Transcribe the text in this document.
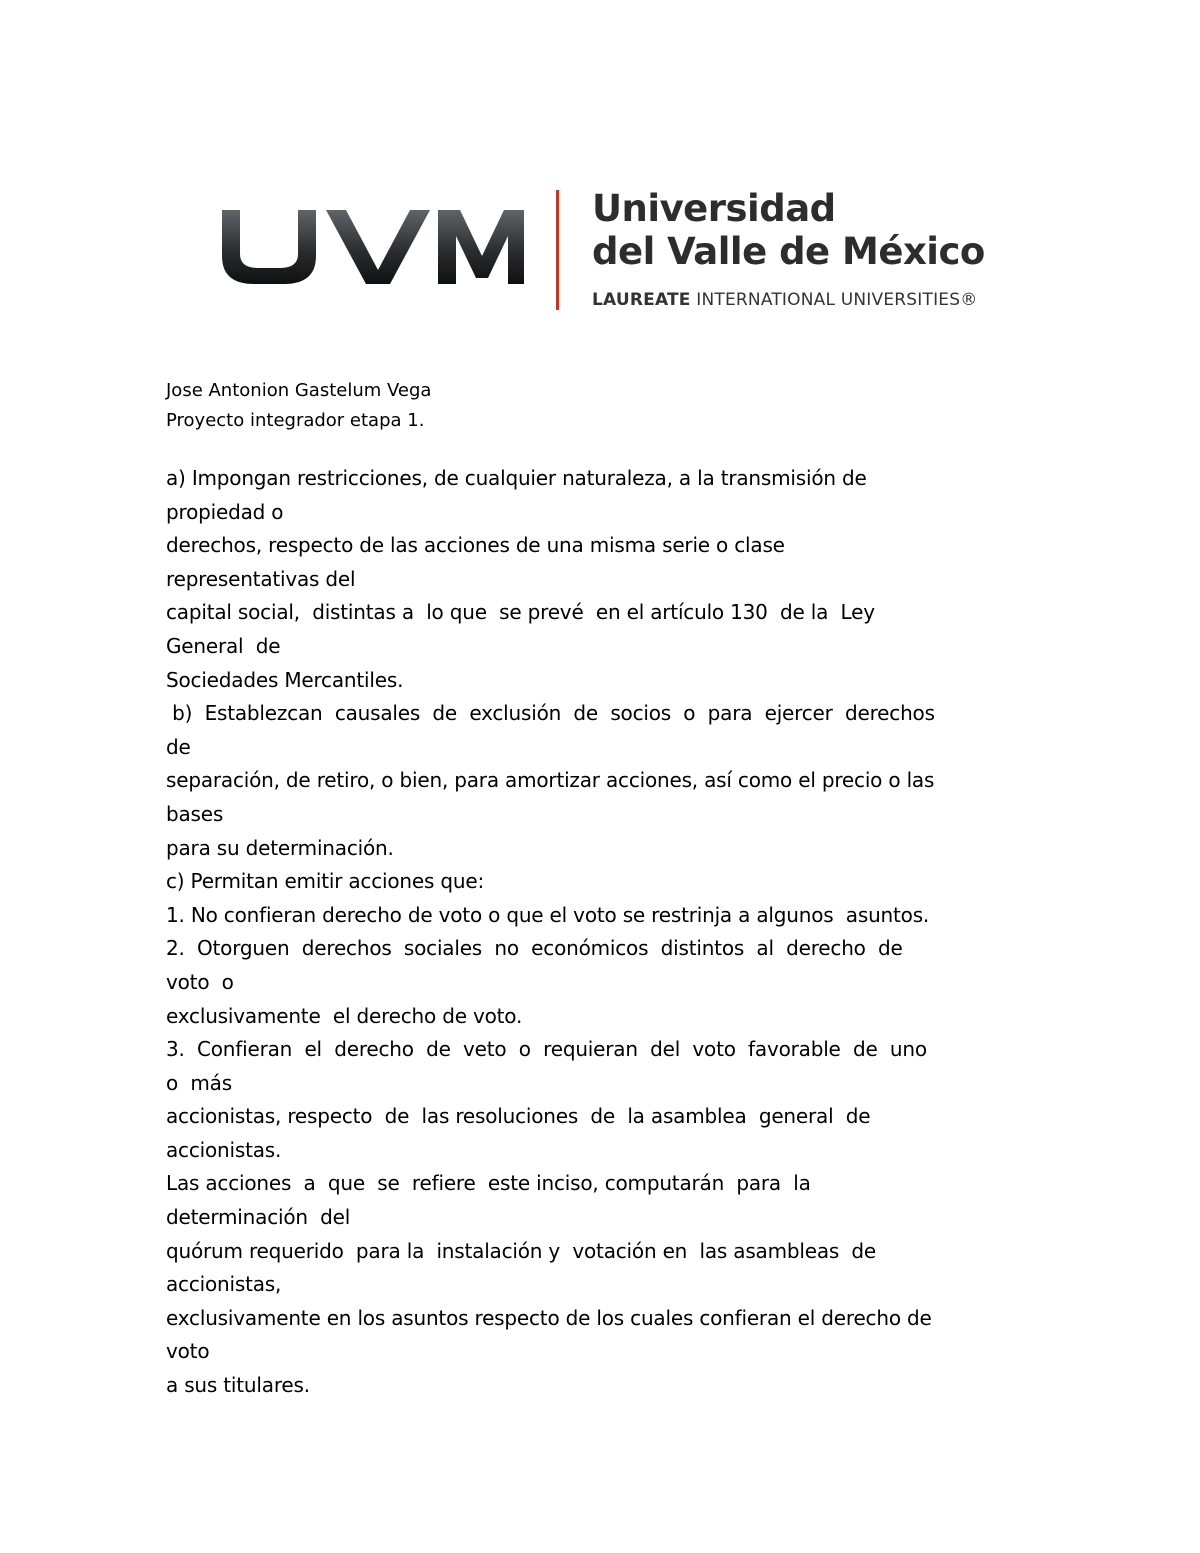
Universidad
del Valle de México
LAUREATE INTERNATIONAL UNIVERSITIES®
Jose Antonion Gastelum Vega
Proyecto integrador etapa 1.
a) Impongan restricciones, de cualquier naturaleza, a la transmisión de
propiedad o
derechos, respecto de las acciones de una misma serie o clase
representativas del
capital social,  distintas a  lo que  se prevé  en el artículo 130  de la  Ley
General  de
Sociedades Mercantiles.
b)  Establezcan  causales  de  exclusión  de  socios  o  para  ejercer  derechos
de
separación, de retiro, o bien, para amortizar acciones, así como el precio o las
bases
para su determinación.
c) Permitan emitir acciones que:
1. No confieran derecho de voto o que el voto se restrinja a algunos  asuntos.
2.  Otorguen  derechos  sociales  no  económicos  distintos  al  derecho  de
voto  o
exclusivamente  el derecho de voto.
3.  Confieran  el  derecho  de  veto  o  requieran  del  voto  favorable  de  uno
o  más
accionistas, respecto  de  las resoluciones  de  la asamblea  general  de
accionistas.
Las acciones  a  que  se  refiere  este inciso, computarán  para  la
determinación  del
quórum requerido  para la  instalación y  votación en  las asambleas  de
accionistas,
exclusivamente en los asuntos respecto de los cuales confieran el derecho de
voto
a sus titulares.
